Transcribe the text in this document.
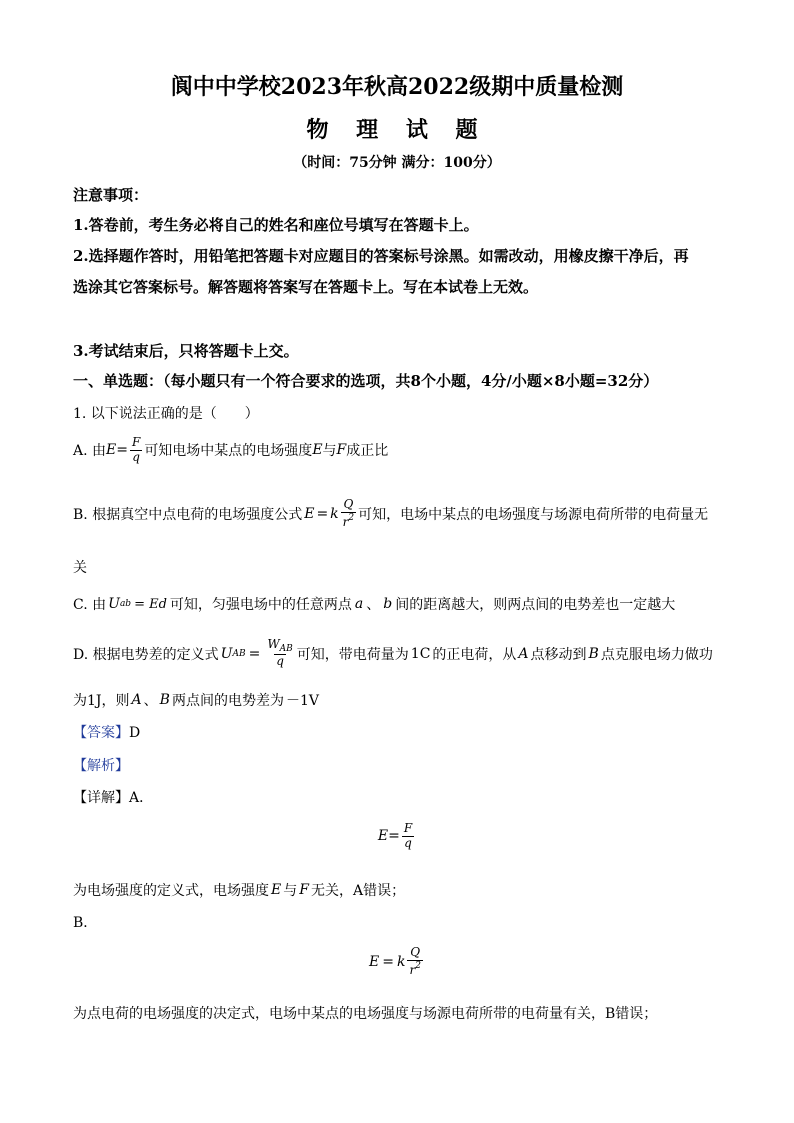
阆中中学校2023年秋高2022级期中质量检测
物 理 试 题
（时间：75分钟 满分：100分）
注意事项：
1.答卷前，考生务必将自己的姓名和座位号填写在答题卡上。
2.选择题作答时，用铅笔把答题卡对应题目的答案标号涂黑。如需改动，用橡皮擦干净后，再
选涂其它答案标号。解答题将答案写在答题卡上。写在本试卷上无效。
3.考试结束后，只将答题卡上交。
一、单选题：（每小题只有一个符合要求的选项，共8个小题，4分/小题×8小题=32分）
1. 以下说法正确的是（　　）
A. 由 $E = \frac{F}{q}$ 可知电场中某点的电场强度 E 与 F 成正比
B. 根据真空中点电荷的电场强度公式 E = k $\frac{Q}{r^2}$ 可知，电场中某点的电场强度与场源电荷所带的电荷量无
关
C. 由 U ab = Ed 可知，匀强电场中的任意两点 a 、 b 间的距离越大，则两点间的电势差也一定越大
D. 根据电势差的定义式 U AB = $\frac{W_{AB}}{q}$ 可知，带电荷量为 1C 的正电荷，从 A 点移动到 B 点克服电场力做功
为1J，则 A 、 B 两点间的电势差为 －1V
【答案】D
【解析】
【详解】A．
$E = \frac{F}{q}$
为电场强度的定义式，电场强度 E 与 F 无关，A错误；
B．
E = k $\frac{Q}{r^2}$
为点电荷的电场强度的决定式，电场中某点的电场强度与场源电荷所带的电荷量有关，B错误；
